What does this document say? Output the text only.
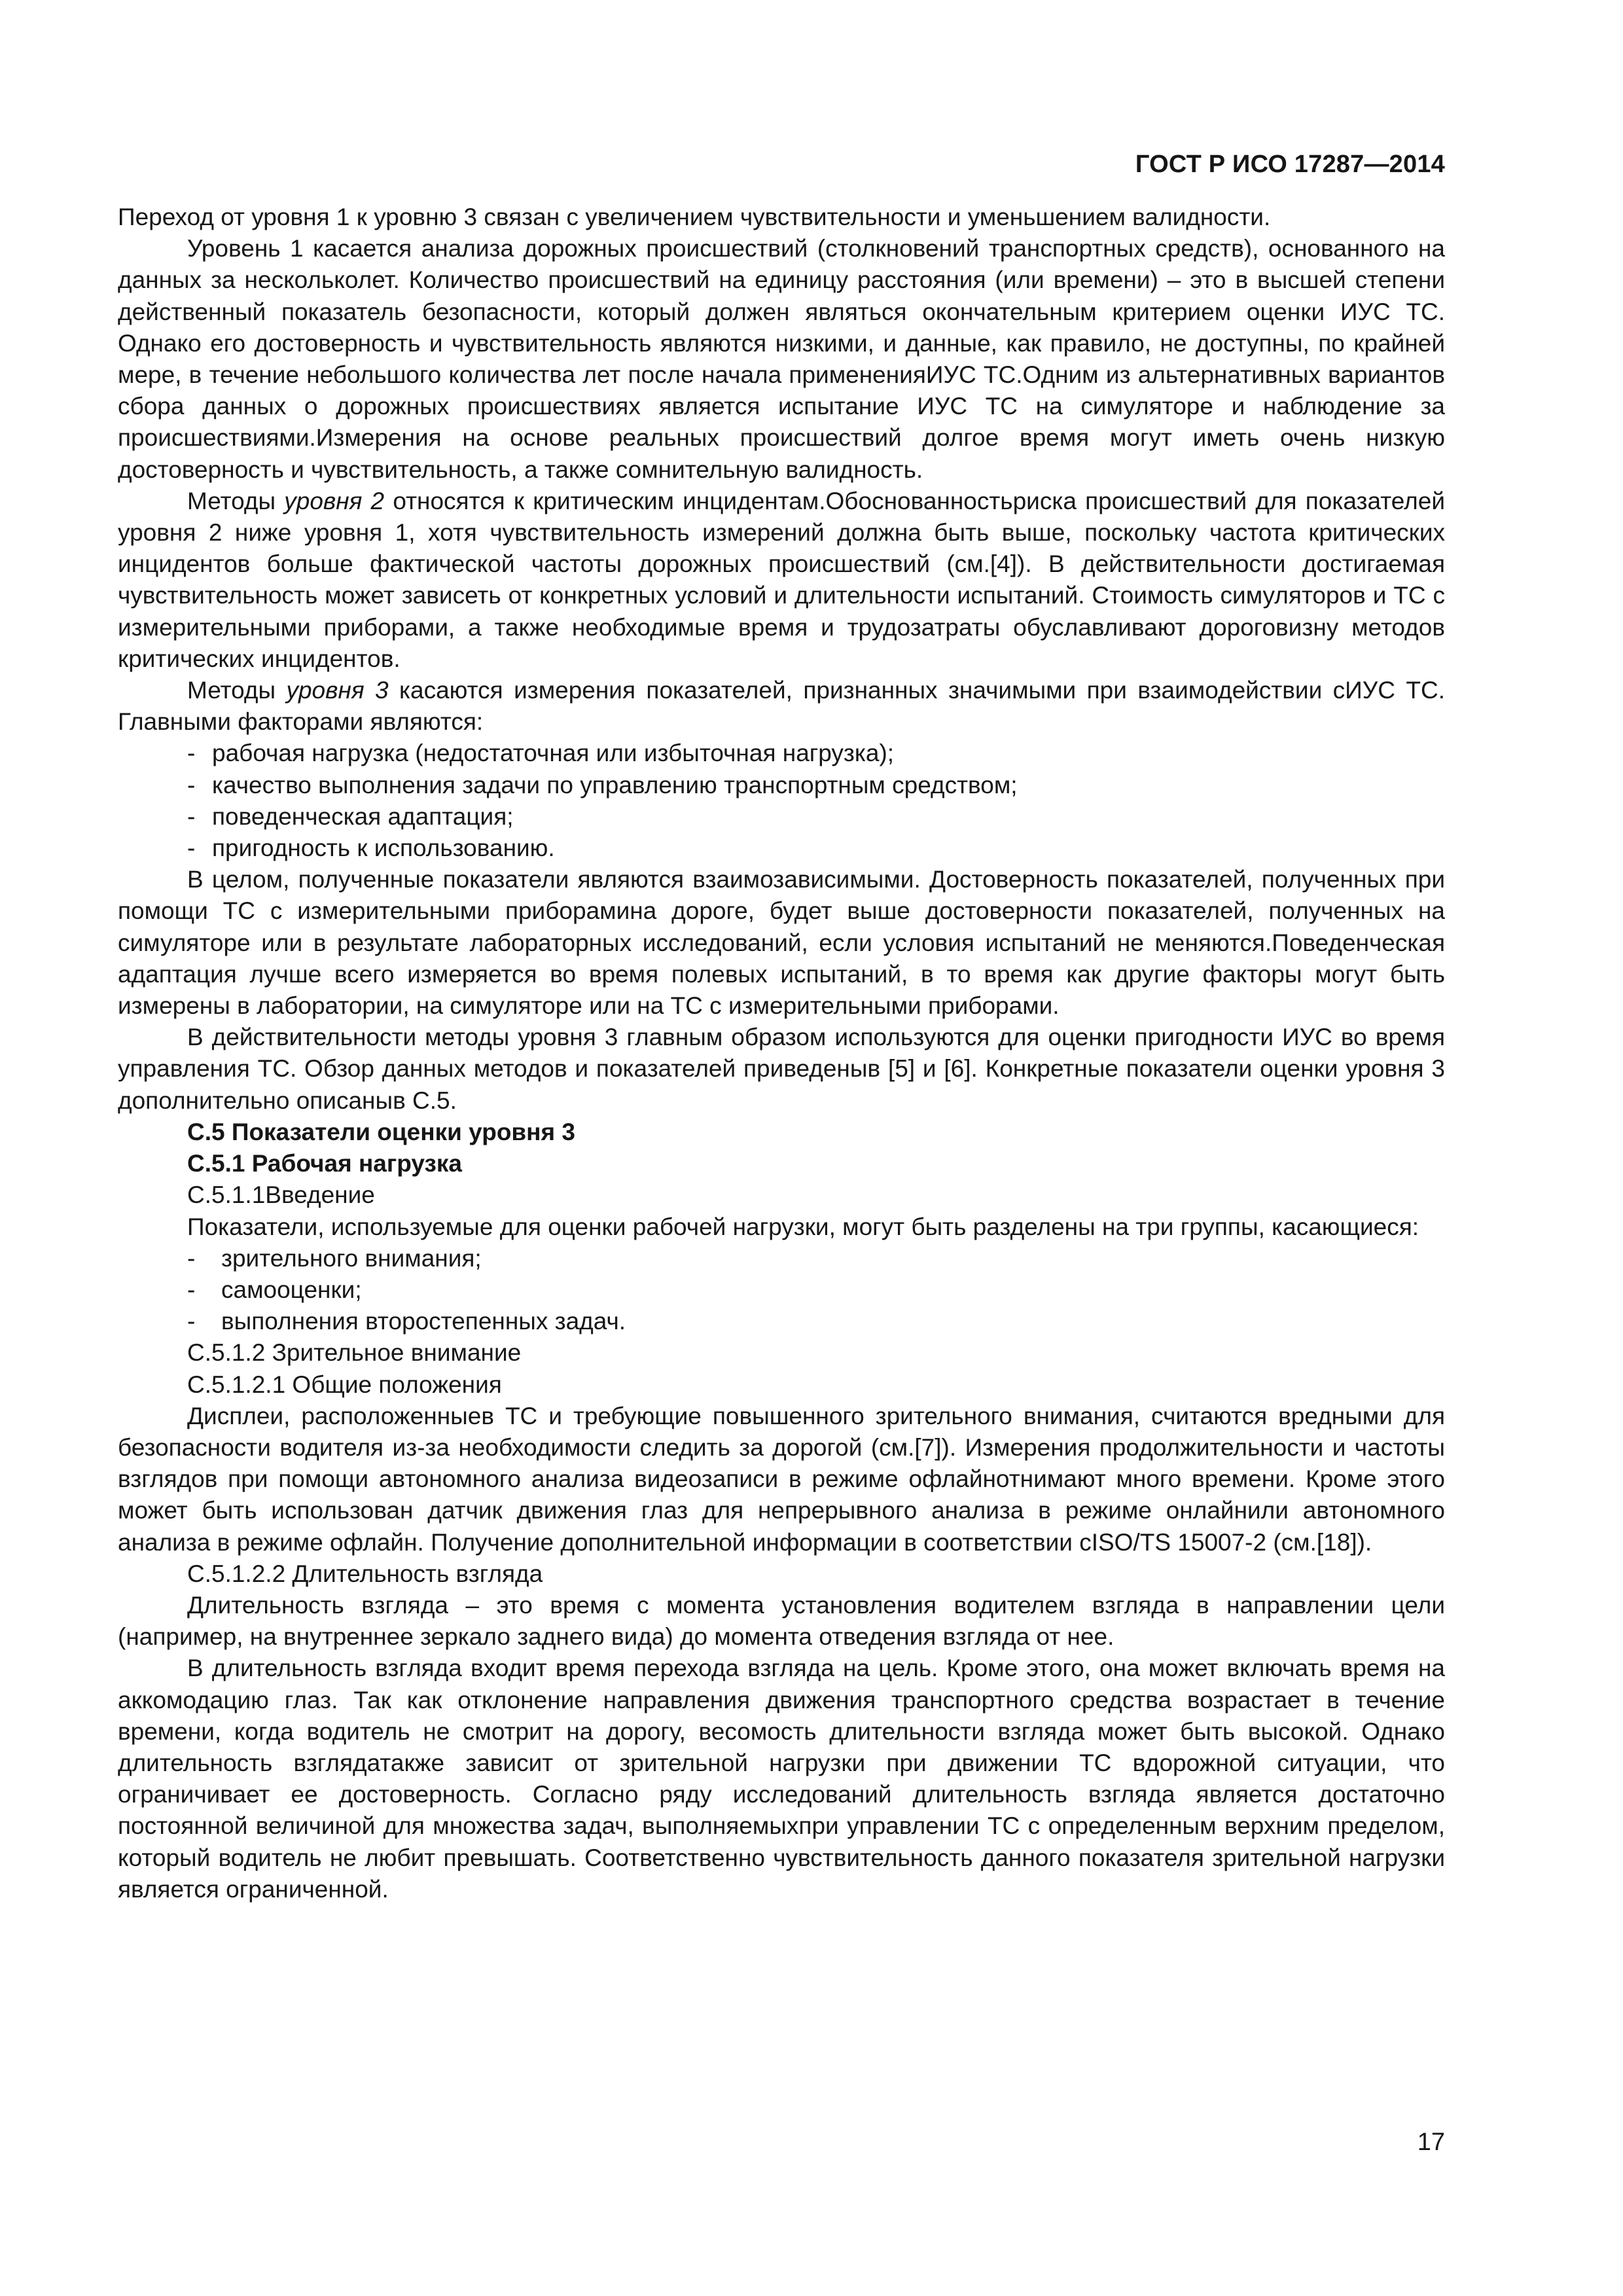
ГОСТ Р ИСО 17287—2014

Переход от уровня 1 к уровню 3 связан с увеличением чувствительности и уменьшением валидности.

Уровень 1 касается анализа дорожных происшествий (столкновений транспортных средств), основанного на данных за нескольколет. Количество происшествий на единицу расстояния (или времени) – это в высшей степени действенный показатель безопасности, который должен являться окончательным критерием оценки ИУС ТС. Однако его достоверность и чувствительность являются низкими, и данные, как правило, не доступны, по крайней мере, в течение небольшого количества лет после начала примененияИУС ТС.Одним из альтернативных вариантов сбора данных о дорожных происшествиях является испытание ИУС ТС на симуляторе и наблюдение за происшествиями.Измерения на основе реальных происшествий долгое время могут иметь очень низкую достоверность и чувствительность, а также сомнительную валидность.

Методы уровня 2 относятся к критическим инцидентам.Обоснованностьриска происшествий для показателей уровня 2 ниже уровня 1, хотя чувствительность измерений должна быть выше, поскольку частота критических инцидентов больше фактической частоты дорожных происшествий (см.[4]). В действительности достигаемая чувствительность может зависеть от конкретных условий и длительности испытаний. Стоимость симуляторов и ТС с измерительными приборами, а также необходимые время и трудозатраты обуславливают дороговизну методов критических инцидентов.

Методы уровня 3 касаются измерения показателей, признанных значимыми при взаимодействии сИУС ТС. Главными факторами являются:

- рабочая нагрузка (недостаточная или избыточная нагрузка);

- качество выполнения задачи по управлению транспортным средством;

- поведенческая адаптация;

- пригодность к использованию.

В целом, полученные показатели являются взаимозависимыми. Достоверность показателей, полученных при помощи ТС с измерительными приборамина дороге, будет выше достоверности показателей, полученных на симуляторе или в результате лабораторных исследований, если условия испытаний не меняются.Поведенческая адаптация лучше всего измеряется во время полевых испытаний, в то время как другие факторы могут быть измерены в лаборатории, на симуляторе или на ТС с измерительными приборами.

В действительности методы уровня 3 главным образом используются для оценки пригодности ИУС во время управления ТС. Обзор данных методов и показателей приведеныв [5] и [6]. Конкретные показатели оценки уровня 3 дополнительно описаныв С.5.

С.5 Показатели оценки уровня 3

С.5.1 Рабочая нагрузка

С.5.1.1Введение

Показатели, используемые для оценки рабочей нагрузки, могут быть разделены на три группы, касающиеся:

- зрительного внимания;

- самооценки;

- выполнения второстепенных задач.

С.5.1.2 Зрительное внимание

С.5.1.2.1 Общие положения

Дисплеи, расположенныев ТС и требующие повышенного зрительного внимания, считаются вредными для безопасности водителя из-за необходимости следить за дорогой (см.[7]). Измерения продолжительности и частоты взглядов при помощи автономного анализа видеозаписи в режиме офлайнотнимают много времени. Кроме этого может быть использован датчик движения глаз для непрерывного анализа в режиме онлайнили автономного анализа в режиме офлайн. Получение дополнительной информации в соответствии сISO/TS 15007-2 (см.[18]).

С.5.1.2.2 Длительность взгляда

Длительность взгляда – это время с момента установления водителем взгляда в направлении цели (например, на внутреннее зеркало заднего вида) до момента отведения взгляда от нее.

В длительность взгляда входит время перехода взгляда на цель. Кроме этого, она может включать время на аккомодацию глаз. Так как отклонение направления движения транспортного средства возрастает в течение времени, когда водитель не смотрит на дорогу, весомость длительности взгляда может быть высокой. Однако длительность взглядатакже зависит от зрительной нагрузки при движении ТС вдорожной ситуации, что ограничивает ее достоверность. Согласно ряду исследований длительность взгляда является достаточно постоянной величиной для множества задач, выполняемыхпри управлении ТС с определенным верхним пределом, который водитель не любит превышать. Соответственно чувствительность данного показателя зрительной нагрузки является ограниченной.

17
